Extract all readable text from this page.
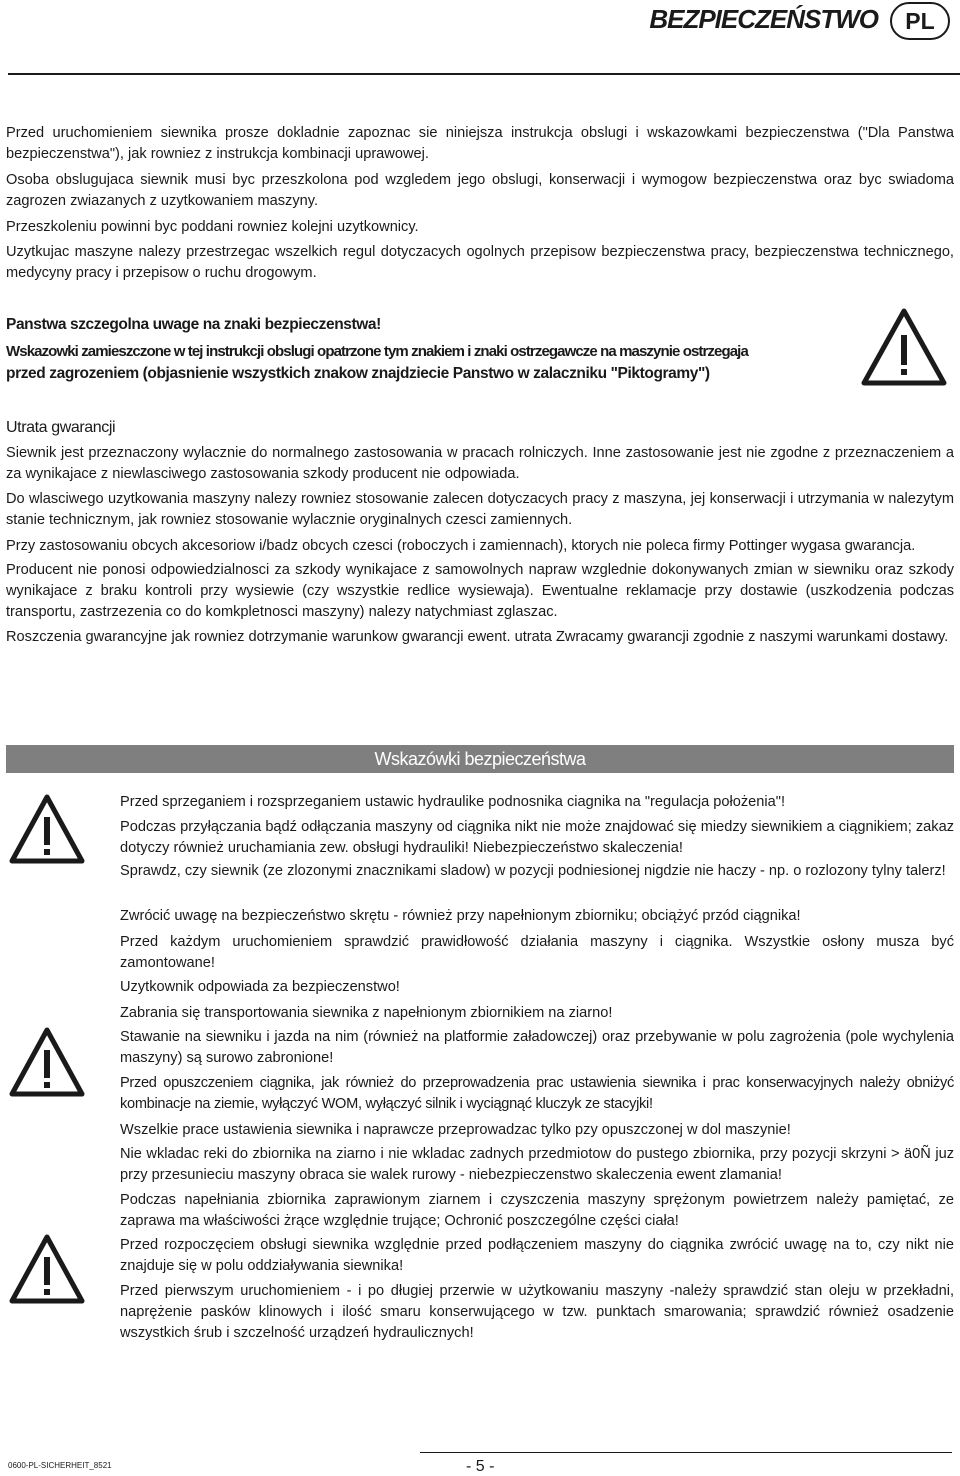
BEZPIECZEŃSTWO	PL

Przed uruchomieniem siewnika prosze dokladnie zapoznac sie niniejsza instrukcja obslugi i wskazowkami bezpieczenstwa ("Dla Panstwa bezpieczenstwa"), jak rowniez z instrukcja kombinacji uprawowej.

Osoba obslugujaca siewnik musi byc przeszkolona pod wzgledem jego obslugi, konserwacji i wymogow bezpieczenstwa oraz byc swiadoma zagrozen zwiazanych z uzytkowaniem maszyny.

Przeszkoleniu powinni byc poddani rowniez kolejni uzytkownicy.

Uzytkujac maszyne nalezy przestrzegac wszelkich regul dotyczacych ogolnych przepisow bezpieczenstwa pracy, bezpieczenstwa technicznego, medycyny pracy i przepisow o ruchu drogowym.

Panstwa szczegolna uwage na znaki bezpieczenstwa!

Wskazowki zamieszczone w tej instrukcji obslugi opatrzone tym znakiem i znaki ostrzegawcze na maszynie ostrzegaja

przed zagrozeniem (objasnienie wszystkich znakow znajdziecie Panstwo w zalaczniku "Piktogramy")

Utrata gwarancji

Siewnik jest przeznaczony wylacznie do normalnego zastosowania w pracach rolniczych. Inne zastosowanie jest nie zgodne z przeznaczeniem a za wynikajace z niewlasciwego zastosowania szkody producent nie odpowiada.

Do wlasciwego uzytkowania maszyny nalezy rowniez stosowanie zalecen dotyczacych pracy z maszyna, jej konserwacji i utrzymania w nalezytym stanie technicznym, jak rowniez stosowanie wylacznie oryginalnych czesci zamiennych.

Przy zastosowaniu obcych akcesoriow i/badz obcych czesci (roboczych i zamiennach), ktorych nie poleca firmy Pottinger wygasa gwarancja.

Producent nie ponosi odpowiedzialnosci za szkody wynikajace z samowolnych napraw wzglednie dokonywanych zmian w siewniku oraz szkody wynikajace z braku kontroli przy wysiewie (czy wszystkie redlice wysiewaja). Ewentualne reklamacje przy dostawie (uszkodzenia podczas transportu, zastrzezenia co do komkpletnosci maszyny) nalezy natychmiast zglaszac.

Roszczenia gwarancyjne jak rowniez dotrzymanie warunkow gwarancji ewent. utrata Zwracamy gwarancji zgodnie z naszymi warunkami dostawy.

Wskazówki bezpieczeństwa

Przed sprzeganiem i rozsprzeganiem ustawic hydraulike podnosnika ciagnika na "regulacja położenia"!

Podczas przyłączania bądź odłączania maszyny od ciągnika nikt nie może znajdować się miedzy siewnikiem a ciągnikiem; zakaz dotyczy również uruchamiania zew. obsługi hydrauliki! Niebezpieczeństwo skaleczenia!

Sprawdz, czy siewnik (ze zlozonymi znacznikami sladow) w pozycji podniesionej nigdzie nie haczy - np. o rozlozony tylny talerz!

Zwrócić uwagę na bezpieczeństwo skrętu - również przy napełnionym zbiorniku; obciążyć przód ciągnika!

Przed każdym uruchomieniem sprawdzić prawidłowość działania maszyny i ciągnika. Wszystkie osłony musza być zamontowane!

Uzytkownik odpowiada za bezpieczenstwo!

Zabrania się transportowania siewnika z napełnionym zbiornikiem na ziarno!

Stawanie na siewniku i jazda na nim (również na platformie załadowczej) oraz przebywanie w polu zagrożenia (pole wychylenia maszyny) są surowo zabronione!

Przed opuszczeniem ciągnika, jak również do przeprowadzenia prac ustawienia siewnika i prac konserwacyjnych należy obniżyć kombinacje na ziemie, wyłączyć WOM, wyłączyć silnik i wyciągnąć kluczyk ze stacyjki!

Wszelkie prace ustawienia siewnika i naprawcze przeprowadzac tylko pzy opuszczonej w dol maszynie!

Nie wkladac reki do zbiornika na ziarno i nie wkladac zadnych przedmiotow do pustego zbiornika, przy pozycji skrzyni > ä0Ñ juz przy przesunieciu maszyny obraca sie walek rurowy - niebezpieczenstwo skaleczenia ewent zlamania!

Podczas napełniania zbiornika zaprawionym ziarnem i czyszczenia maszyny sprężonym powietrzem należy pamiętać, ze zaprawa ma właściwości żrące względnie trujące; Ochronić poszczególne części ciała!

Przed rozpoczęciem obsługi siewnika względnie przed podłączeniem maszyny do ciągnika zwrócić uwagę na to, czy nikt nie znajduje się w polu oddziaływania siewnika!

Przed pierwszym uruchomieniem - i po długiej przerwie w użytkowaniu maszyny -należy sprawdzić stan oleju w przekładni, naprężenie pasków klinowych i ilość smaru konserwującego w tzw. punktach smarowania; sprawdzić również osadzenie wszystkich śrub i szczelność urządzeń hydraulicznych!

0600-PL-SICHERHEIT_8521	- 5 -
